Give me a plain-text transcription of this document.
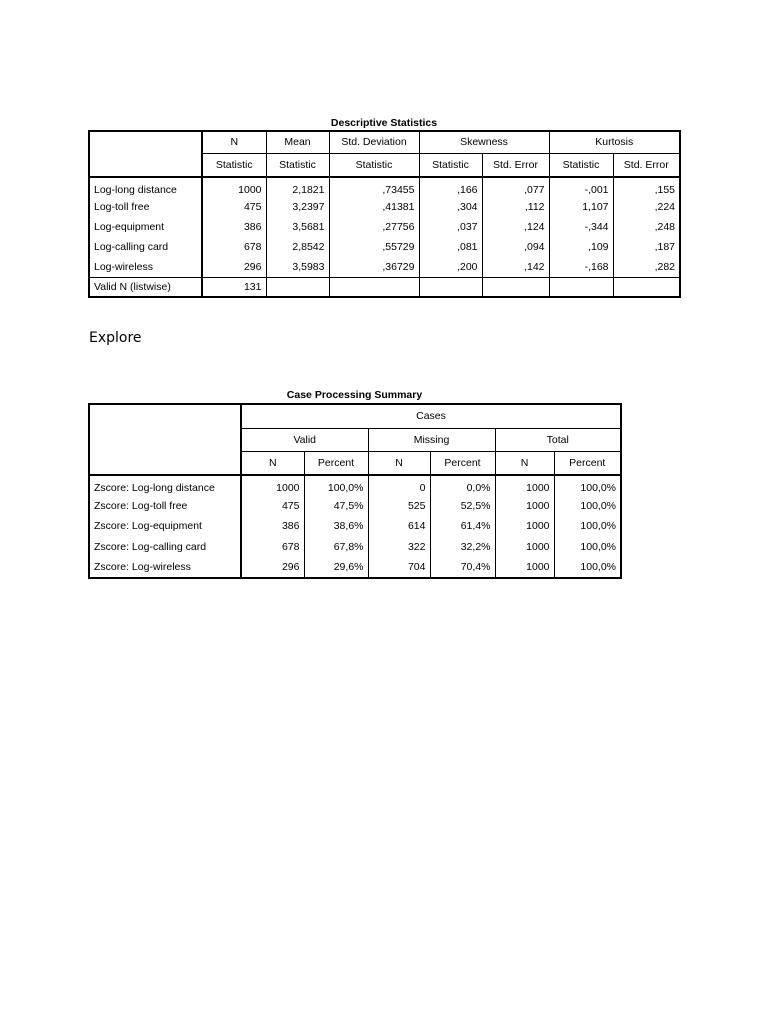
Descriptive Statistics
	N	Mean	Std. Deviation	Skewness		Kurtosis	
	Statistic	Statistic	Statistic	Statistic	Std. Error	Statistic	Std. Error
Log-long distance	1000	2,1821	,73455	,166	,077	-,001	,155
Log-toll free	475	3,2397	,41381	,304	,112	1,107	,224
Log-equipment	386	3,5681	,27756	,037	,124	-,344	,248
Log-calling card	678	2,8542	,55729	,081	,094	,109	,187
Log-wireless	296	3,5983	,36729	,200	,142	-,168	,282
Valid N (listwise)	131						
Explore
Case Processing Summary
	Cases					
	Valid		Missing		Total	
	N	Percent	N	Percent	N	Percent
Zscore: Log-long distance	1000	100,0%	0	0,0%	1000	100,0%
Zscore: Log-toll free	475	47,5%	525	52,5%	1000	100,0%
Zscore: Log-equipment	386	38,6%	614	61,4%	1000	100,0%
Zscore: Log-calling card	678	67,8%	322	32,2%	1000	100,0%
Zscore: Log-wireless	296	29,6%	704	70,4%	1000	100,0%
